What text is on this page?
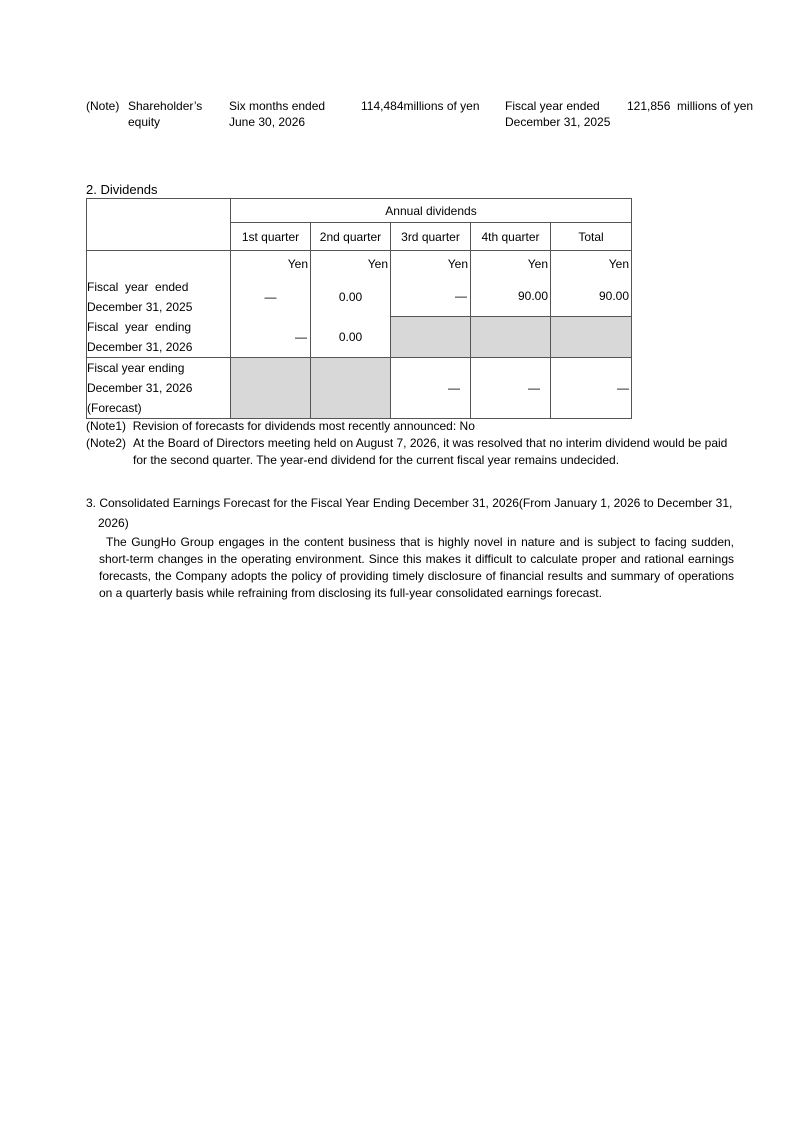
(Note) Shareholder’s
equity
Six months ended
June 30, 2026
114,484millions of yen Fiscal year ended
December 31, 2025
121,856  millions of yen
2. Dividends
	Annual dividends				
	1st quarter	2nd quarter	3rd quarter	4th quarter	Total
	Yen	Yen	Yen	Yen	Yen

Fiscal  year  ended
December 31, 2025	—	0.00	—	90.00	90.00

Fiscal  year  ending
December 31, 2026	—	0.00			

Fiscal year ending
December 31, 2026
(Forecast)			—	—	—
(Note1) Revision of forecasts for dividends most recently announced: No
(Note2) At the Board of Directors meeting held on August 7, 2026, it was resolved that no interim dividend would be paid for the second quarter. The year-end dividend for the current fiscal year remains undecided.
3. Consolidated Earnings Forecast for the Fiscal Year Ending December 31, 2026(From January 1, 2026 to December 31,
2026)
The GungHo Group engages in the content business that is highly novel in nature and is subject to facing sudden, short-term changes in the operating environment. Since this makes it difficult to calculate proper and rational earnings forecasts, the Company adopts the policy of providing timely disclosure of financial results and summary of operations on a quarterly basis while refraining from disclosing its full-year consolidated earnings forecast.
